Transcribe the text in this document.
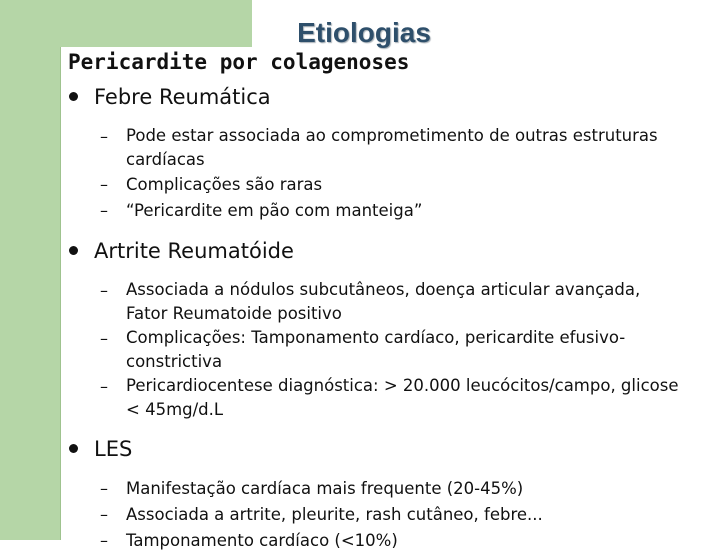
Etiologias
Pericardite por colagenoses
Febre Reumática
– Pode estar associada ao comprometimento de outras estruturas cardíacas
– Complicações são raras
– “Pericardite em pão com manteiga”
Artrite Reumatóide
– Associada a nódulos subcutâneos, doença articular avançada, Fator Reumatoide positivo
– Complicações: Tamponamento cardíaco, pericardite efusivo-constrictiva
– Pericardiocentese diagnóstica: > 20.000 leucócitos/campo, glicose < 45mg/d.L
LES
– Manifestação cardíaca mais frequente (20-45%)
– Associada a artrite, pleurite, rash cutâneo, febre...
– Tamponamento cardíaco (<10%)
